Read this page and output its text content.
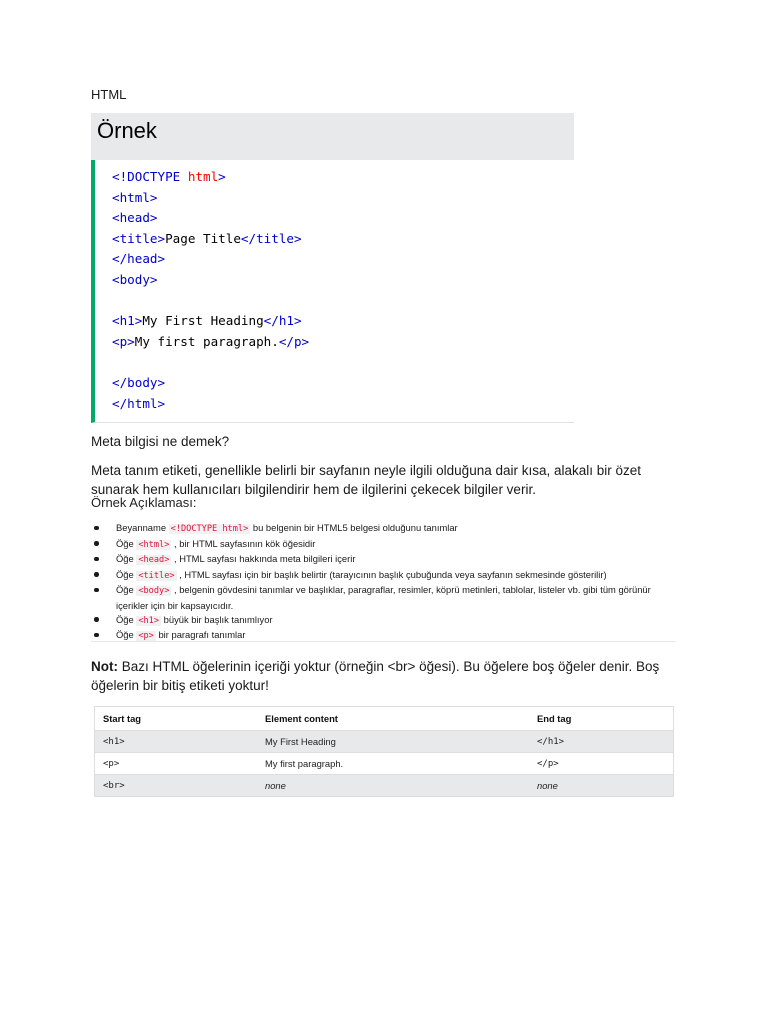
HTML
Örnek
<!DOCTYPE html>
<html>
<head>
<title>Page Title</title>
</head>
<body>
<h1>My First Heading</h1>
<p>My first paragraph.</p>
</body>
</html>
Meta bilgisi ne demek?
Meta tanım etiketi, genellikle belirli bir sayfanın neyle ilgili olduğuna dair kısa, alakalı bir özet sunarak hem kullanıcıları bilgilendirir hem de ilgilerini çekecek bilgiler verir.
Örnek Açıklaması:
Beyanname <!DOCTYPE html> bu belgenin bir HTML5 belgesi olduğunu tanımlar
Öğe <html> , bir HTML sayfasının kök öğesidir
Öğe <head> , HTML sayfası hakkında meta bilgileri içerir
Öğe <title> , HTML sayfası için bir başlık belirtir (tarayıcının başlık çubuğunda veya sayfanın sekmesinde gösterilir)
Öğe <body> , belgenin gövdesini tanımlar ve başlıklar, paragraflar, resimler, köprü metinleri, tablolar, listeler vb. gibi tüm görünür içerikler için bir kapsayıcıdır.
Öğe <h1> büyük bir başlık tanımlıyor
Öğe <p> bir paragrafı tanımlar
Not: Bazı HTML öğelerinin içeriği yoktur (örneğin <br> öğesi). Bu öğelere boş öğeler denir. Boş öğelerin bir bitiş etiketi yoktur!
Start tag	Element content	End tag
<h1>	My First Heading	</h1>
<p>	My first paragraph.	</p>
<br>	none	none
